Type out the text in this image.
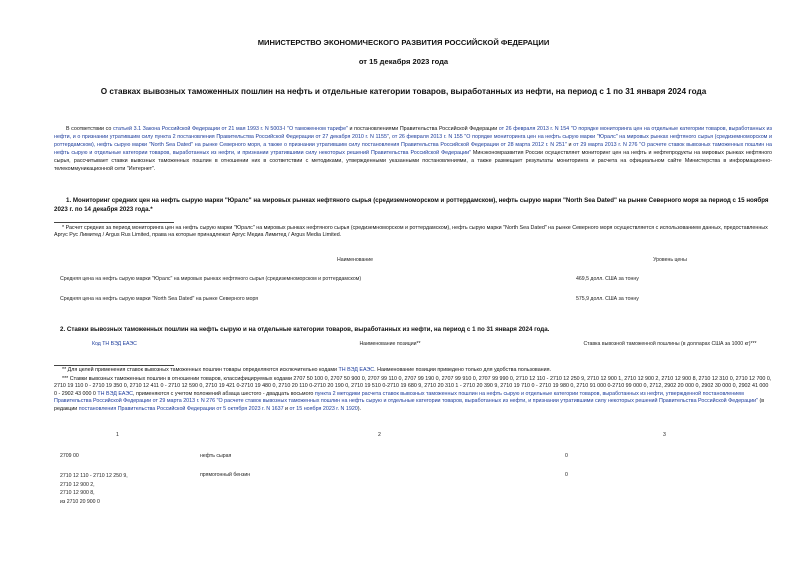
МИНИСТЕРСТВО ЭКОНОМИЧЕСКОГО РАЗВИТИЯ РОССИЙСКОЙ ФЕДЕРАЦИИ
от 15 декабря 2023 года
О ставках вывозных таможенных пошлин на нефть и отдельные категории товаров, выработанных из нефти, на период с 1 по 31 января 2024 года
В соответствии со статьей 3.1 Закона Российской Федерации от 21 мая 1993 г. N 5003-I "О таможенном тарифе" и постановлениями Правительства Российской Федерации от 26 февраля 2013 г. N 154 "О порядке мониторинга цен на отдельные категории товаров, выработанных из нефти, и о признании утратившим силу пункта 2 постановления Правительства Российской Федерации от 27 декабря 2010 г. N 1155", от 26 февраля 2013 г. N 155 "О порядке мониторинга цен на нефть сырую марки "Юралс" на мировых рынках нефтяного сырья (средиземноморском и роттердамском), нефть сырую марки "North Sea Dated" на рынке Северного моря, а также о признании утратившим силу постановления Правительства Российской Федерации от 28 марта 2012 г. N 251" и от 29 марта 2013 г. N 276 "О расчете ставок вывозных таможенных пошлин на нефть сырую и отдельные категории товаров, выработанных из нефти, и признании утратившими силу некоторых решений Правительства Российской Федерации" Минэкономразвития России осуществляет мониторинг цен на нефть и нефтепродукты на мировых рынках нефтяного сырья, рассчитывает ставки вывозных таможенных пошлин в отношении них в соответствии с методиками, утвержденными указанными постановлениями, а также размещает результаты мониторинга и расчета на официальном сайте Министерства в информационно-телекоммуникационной сети "Интернет".
1. Мониторинг средних цен на нефть сырую марки "Юралс" на мировых рынках нефтяного сырья (средиземноморском и роттердамском), нефть сырую марки "North Sea Dated" на рынке Северного моря за период с 15 ноября 2023 г. по 14 декабря 2023 года.*
* Расчет средних за период мониторинга цен на нефть сырую марки "Юралс" на мировых рынках нефтяного сырья (средиземноморском и роттердамском), нефть сырую марки "North Sea Dated" на рынке Северного моря осуществляется с использованием данных, предоставленных Аргус Рус Лимитед / Argus Rus Limited, права на которые принадлежат Аргус Медиа Лимитед / Argus Media Limited.
Наименование	Уровень цены
Средняя цена на нефть сырую марки "Юралс" на мировых рынках нефтяного сырья (средиземноморском и роттердамском)	469,5 долл. США за тонну
Средняя цена на нефть сырую марки "North Sea Dated" на рынке Северного моря	575,9 долл. США за тонну
2. Ставки вывозных таможенных пошлин на нефть сырую и на отдельные категории товаров, выработанных из нефти, на период с 1 по 31 января 2024 года.
Код ТН ВЭД ЕАЭС	Наименование позиции**	Ставка вывозной таможенной пошлины (в долларах США за 1000 кг)***
** Для целей применения ставок вывозных таможенных пошлин товары определяются исключительно кодами ТН ВЭД ЕАЭС. Наименование позиции приведено только для удобства пользования.
*** Ставки вывозных таможенных пошлин в отношении товаров, классифицируемых кодами 2707 50 100 0, 2707 50 900 0, 2707 99 110 0, 2707 99 190 0, 2707 99 910 0, 2707 99 990 0, 2710 12 110 - 2710 12 250 9, 2710 12 900 1, 2710 12 900 2, 2710 12 900 8, 2710 12 310 0, 2710 12 700 0, 2710 19 110 0 - 2710 19 350 0, 2710 12 411 0 - 2710 12 590 0, 2710 19 421 0-2710 19 480 0, 2710 20 110 0-2710 20 190 0, 2710 19 510 0-2710 19 680 9, 2710 20 310 1 - 2710 20 390 9, 2710 19 710 0 - 2710 19 980 0, 2710 91 000 0-2710 99 000 0, 2712, 2902 20 000 0, 2902 30 000 0, 2902 41 000 0 - 2902 43 000 0 ТН ВЭД ЕАЭС, применяются с учетом положений абзаца шестого - двадцать восьмого пункта 2 методики расчета ставок вывозных таможенных пошлин на нефть сырую и отдельные категории товаров, выработанных из нефти, утвержденной постановлением Правительства Российской Федерации от 29 марта 2013 г. N 276 "О расчете ставок вывозных таможенных пошлин на нефть сырую и отдельные категории товаров, выработанных из нефти, и признании утратившими силу некоторых решений Правительства Российской Федерации" (в редакции постановления Правительства Российской Федерации от 5 октября 2023 г. N 1637 и от 15 ноября 2023 г. N 1920).
1	2	3
2709 00	нефть сырая	0
2710 12 110 - 2710 12 250 9,
2710 12 900 2,
2710 12 900 8,
из 2710 20 900 0
прямогонный бензин	0
